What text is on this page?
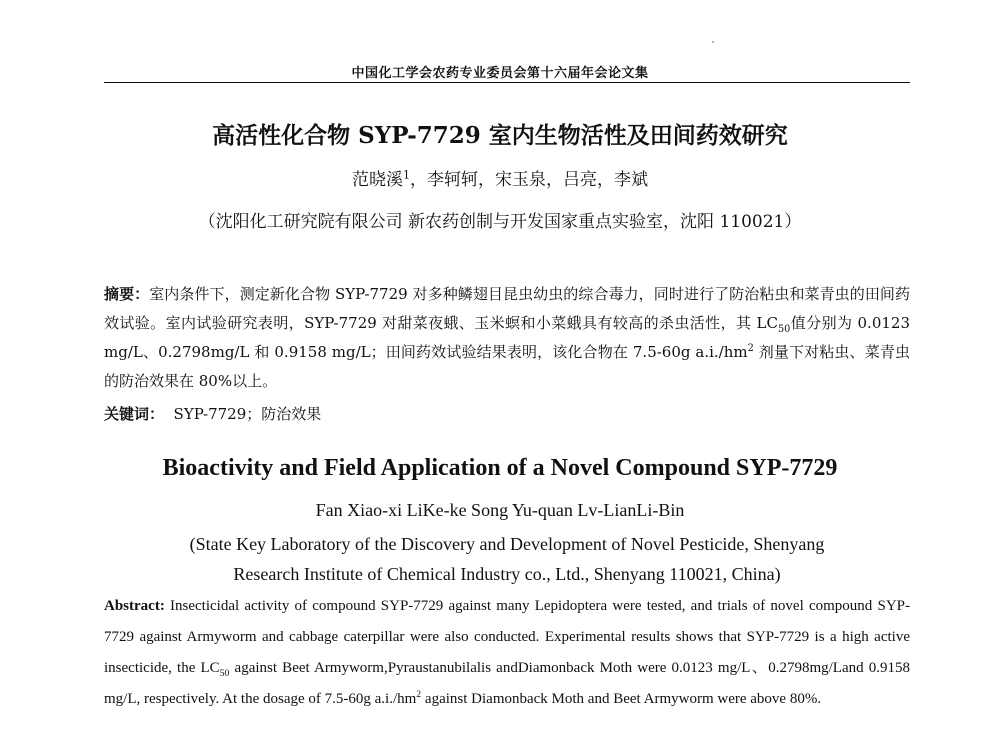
中国化工学会农药专业委员会第十六届年会论文集
高活性化合物 SYP-7729 室内生物活性及田间药效研究
范晓溪$^1$，李轲轲，宋玉泉，吕亮，李斌
（沈阳化工研究院有限公司 新农药创制与开发国家重点实验室，沈阳 110021）
摘要：室内条件下，测定新化合物 SYP-7729 对多种鳞翅目昆虫幼虫的综合毒力，同时进行了防治粘虫和菜青虫的田间药效试验。室内试验研究表明，SYP-7729 对甜菜夜蛾、玉米螟和小菜蛾具有较高的杀虫活性，其 $LC_{50}$值分别为 0.0123 mg/L、0.2798mg/L 和 0.9158 mg/L；田间药效试验结果表明，该化合物在 7.5-60g $a.i./hm^2$ 剂量下对粘虫、菜青虫的防治效果在 80%以上。
关键词：  SYP-7729；防治效果
Bioactivity and Field Application of a Novel Compound SYP-7729
Fan Xiao-xi LiKe-ke Song Yu-quan Lv-LianLi-Bin
(State Key Laboratory of the Discovery and Development of Novel Pesticide, Shenyang
Research Institute of Chemical Industry co., Ltd., Shenyang 110021, China)
Abstract: Insecticidal activity of compound SYP-7729 against many Lepidoptera were tested, and trials of novel compound SYP-7729 against Armyworm and cabbage caterpillar were also conducted. Experimental results shows that SYP-7729 is a high active insecticide, the $LC_{50}$ against Beet Armyworm,Pyraustanubilalis andDiamonback Moth were 0.0123 mg/L、0.2798mg/Land 0.9158 mg/L, respectively. At the dosage of 7.5-60g $a.i./hm^2$ against Diamonback Moth and Beet Armyworm were above 80%.
